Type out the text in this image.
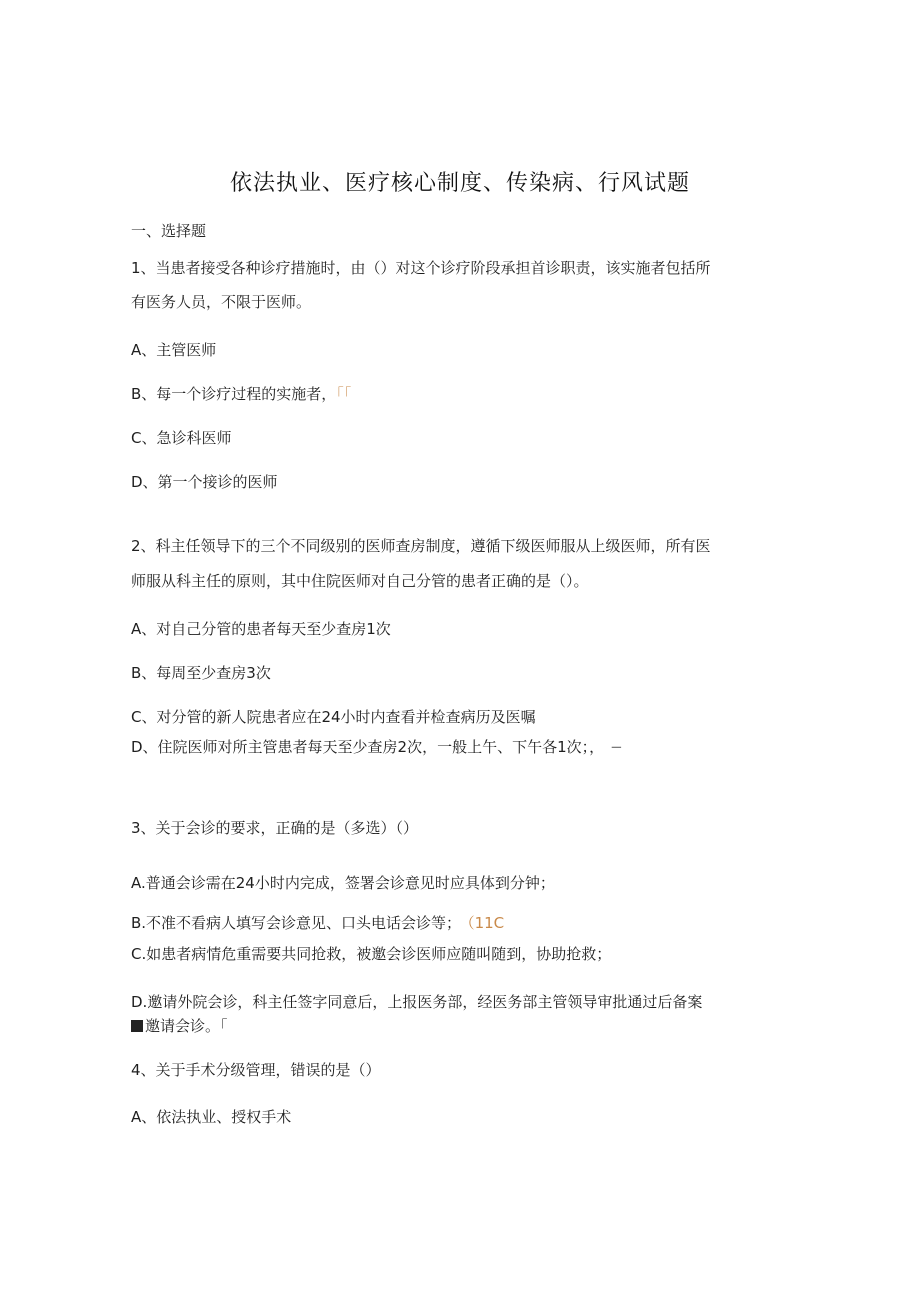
依法执业、医疗核心制度、传染病、行风试题
一、选择题
1、当患者接受各种诊疗措施时，由（）对这个诊疗阶段承担首诊职责，该实施者包括所
有医务人员，不限于医师。
A、主管医师
B、每一个诊疗过程的实施者，「「
C、急诊科医师
D、第一个接诊的医师
2、科主任领导下的三个不同级别的医师查房制度，遵循下级医师服从上级医师，所有医
师服从科主任的原则，其中住院医师对自己分管的患者正确的是（）。
A、对自己分管的患者每天至少查房1次
B、每周至少查房3次
C、对分管的新人院患者应在24小时内查看并检查病历及医嘱
D、住院医师对所主管患者每天至少查房2次，一般上午、下午各1次；， −
3、关于会诊的要求，正确的是（多选）（）
A.普通会诊需在24小时内完成，签署会诊意见时应具体到分钟；
B.不准不看病人填写会诊意见、口头电话会诊等； （11C
C.如患者病情危重需要共同抢救，被邀会诊医师应随叫随到，协助抢救；
D.邀请外院会诊，科主任签字同意后，上报医务部，经医务部主管领导审批通过后备案
邀请会诊。「
4、关于手术分级管理，错误的是（）
A、依法执业、授权手术
